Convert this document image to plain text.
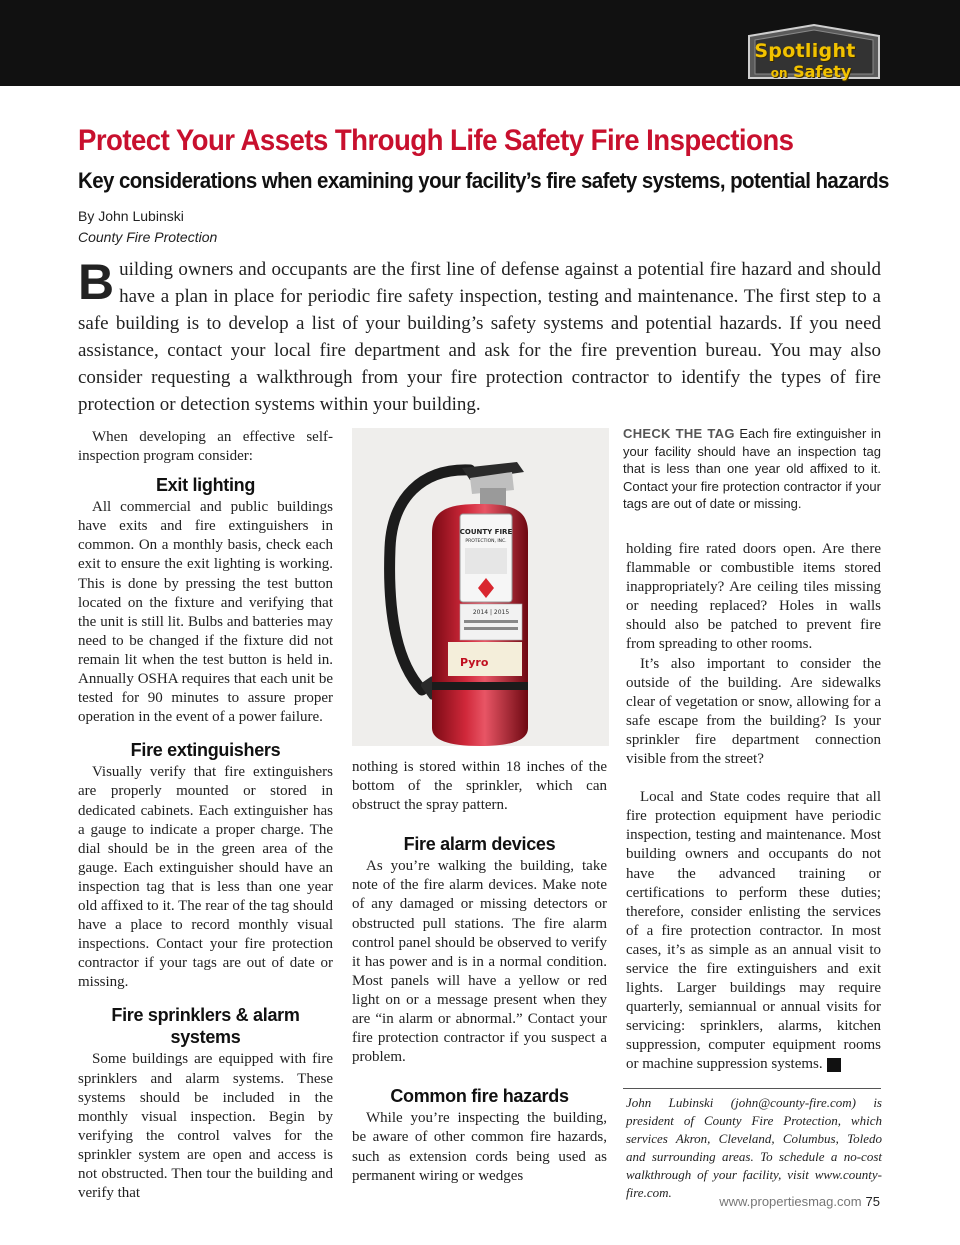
Spotlight
on Safety
Protect Your Assets Through Life Safety Fire Inspections
Key considerations when examining your facility’s fire safety systems, potential hazards
By John Lubinski
County Fire Protection

Building owners and occupants are the first line of defense against a potential fire hazard and should have a plan in place for periodic fire safety inspection, testing and maintenance. The first step to a safe building is to develop a list of your building’s safety systems and potential hazards. If you need assistance, contact your local fire department and ask for the fire prevention bureau. You may also consider requesting a walkthrough from your fire protection contractor to identify the types of fire protection or detection systems within your building.

When developing an effective self-inspection program consider:

Exit lighting

All commercial and public buildings have exits and fire extinguishers in common. On a monthly basis, check each exit to ensure the exit lighting is working. This is done by pressing the test button located on the fixture and verifying that the unit is still lit. Bulbs and batteries may need to be changed if the fixture did not remain lit when the test button is held in. Annually OSHA requires that each unit be tested for 90 minutes to assure proper operation in the event of a power failure.

Fire extinguishers

Visually verify that fire extinguishers are properly mounted or stored in dedicated cabinets. Each extinguisher has a gauge to indicate a proper charge. The dial should be in the green area of the gauge. Each extinguisher should have an inspection tag that is less than one year old affixed to it. The rear of the tag should have a place to record monthly visual inspections. Contact your fire protection contractor if your tags are out of date or missing.

Fire sprinklers & alarm systems

Some buildings are equipped with fire sprinklers and alarm systems. These systems should be included in the monthly visual inspection. Begin by verifying the control valves for the sprinkler system are open and access is not obstructed. Then tour the building and verify that

COUNTY FIRE
PROTECTION, INC.
2014 | 2015
Pyro
CHECK THE TAG Each fire extinguisher in your facility should have an inspection tag that is less than one year old affixed to it. Contact your fire protection contractor if your tags are out of date or missing.

nothing is stored within 18 inches of the bottom of the sprinkler, which can obstruct the spray pattern.

Fire alarm devices

As you’re walking the building, take note of the fire alarm devices. Make note of any damaged or missing detectors or obstructed pull stations. The fire alarm control panel should be observed to verify it has power and is in a normal condition. Most panels will have a yellow or red light on or a message present when they are “in alarm or abnormal.” Contact your fire protection contractor if you suspect a problem.

Common fire hazards

While you’re inspecting the building, be aware of other common fire hazards, such as extension cords being used as permanent wiring or wedges

holding fire rated doors open. Are there flammable or combustible items stored inappropriately? Are ceiling tiles missing or needing replaced? Holes in walls should also be patched to prevent fire from spreading to other rooms.

It’s also important to consider the outside of the building. Are sidewalks clear of vegetation or snow, allowing for a safe escape from the building? Is your sprinkler fire department connection visible from the street?

Local and State codes require that all fire protection equipment have periodic inspection, testing and maintenance. Most building owners and occupants do not have the advanced training or certifications to perform these duties; therefore, consider enlisting the services of a fire protection contractor. In most cases, it’s as simple as an annual visit to service the fire extinguishers and exit lights. Larger buildings may require quarterly, semiannual or annual visits for servicing: sprinklers, alarms, kitchen suppression, computer equipment rooms or machine suppression systems. P

John Lubinski (john@county-fire.com) is president of County Fire Protection, which services Akron, Cleveland, Columbus, Toledo and surrounding areas. To schedule a no-cost walkthrough of your facility, visit www.county-fire.com.
www.propertiesmag.com 75
